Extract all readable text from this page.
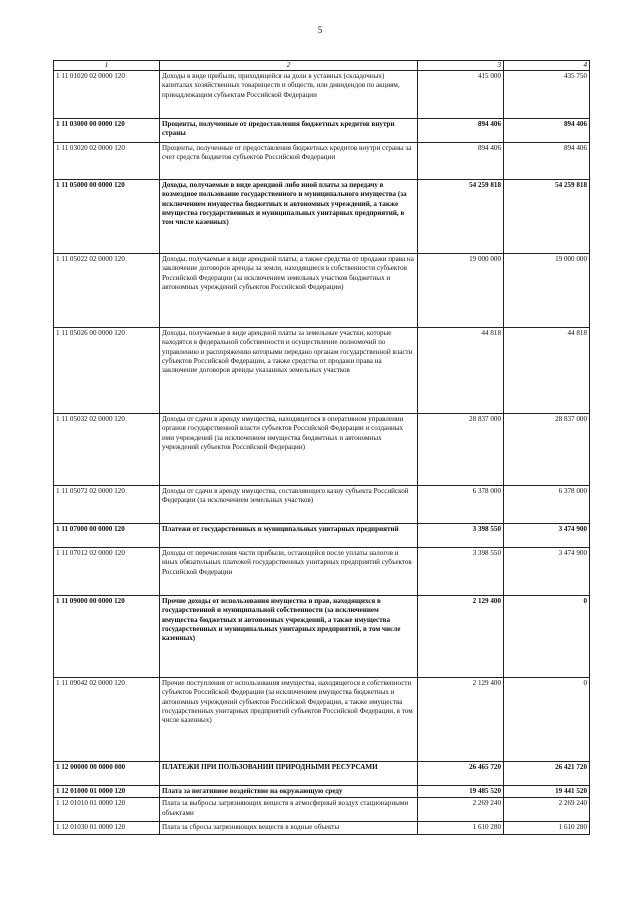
5
1	2	3	4
1 11 01020 02 0000 120	Доходы в виде прибыли, приходящейся на доли в уставных (складочных) капиталах хозяйственных товариществ и обществ, или дивидендов по акциям, принадлежащим субъектам Российской Федерации	415 000	435 750
1 11 03000 00 0000 120	Проценты, полученные от предоставления бюджетных кредитов внутри страны	894 406	894 406
1 11 03020 02 0000 120	Проценты, полученные от предоставления бюджетных кредитов внутри страны за счет средств бюджетов субъектов Российской Федерации	894 406	894 406
1 11 05000 00 0000 120	Доходы, получаемые в виде арендной либо иной платы за передачу в возмездное пользование государственного и муниципального имущества (за исключением имущества бюджетных и автономных учреждений, а также имущества государственных и муниципальных унитарных предприятий, в том числе казенных)	54 259 818	54 259 818
1 11 05022 02 0000 120	Доходы, получаемые в виде арендной платы, а также средства от продажи права на заключение договоров аренды за земли, находящиеся в собственности субъектов Российской Федерации (за исключением земельных участков бюджетных и автономных учреждений субъектов Российской Федерации)	19 000 000	19 000 000
1 11 05026 00 0000 120	Доходы, получаемые в виде арендной платы за земельные участки, которые находятся в федеральной собственности и осуществление полномочий по управлению и распоряжению которыми передано органам государственной власти субъектов Российской Федерации, а также средства от продажи права на заключение договоров аренды указанных земельных участков	44 818	44 818
1 11 05032 02 0000 120	Доходы от сдачи в аренду имущества, находящегося в оперативном управлении органов государственной власти субъектов Российской Федерации и созданных ими учреждений (за исключением имущества бюджетных и автономных учреждений субъектов Российской Федерации)	28 837 000	28 837 000
1 11 05072 02 0000 120	Доходы от сдачи в аренду имущества, составляющего казну субъекта Российской Федерации (за исключением земельных участков)	6 378 000	6 378 000
1 11 07000 00 0000 120	Платежи от государственных и муниципальных унитарных предприятий	3 398 550	3 474 900
1 11 07012 02 0000 120	Доходы от перечисления части прибыли, остающейся после уплаты налогов и иных обязательных платежей государственных унитарных предприятий субъектов Российской Федерации	3 398 550	3 474 900
1 11 09000 00 0000 120	Прочие доходы от использования имущества и прав, находящихся в государственной и муниципальной собственности (за исключением имущества бюджетных и автономных учреждений, а также имущества государственных и муниципальных унитарных предприятий, в том числе казенных)	2 129 400	0
1 11 09042 02 0000 120	Прочие поступления от использования имущества, находящегося в собственности субъектов Российской Федерации (за исключением имущества бюджетных и автономных учреждений субъектов Российской Федерации, а также имущества государственных унитарных предприятий субъектов Российской Федерации, в том числе казенных)	2 129 400	0
1 12 00000 00 0000 000	ПЛАТЕЖИ ПРИ ПОЛЬЗОВАНИИ ПРИРОДНЫМИ РЕСУРСАМИ	26 465 720	26 421 720
1 12 01000 01 0000 120	Плата за негативное воздействие на окружающую среду	19 485 520	19 441 520
1 12 01010 01 0000 120	Плата за выбросы загрязняющих веществ в атмосферный воздух стационарными объектами	2 269 240	2 269 240
1 12 01030 01 0000 120	Плата за сбросы загрязняющих веществ в водные объекты	1 610 280	1 610 280
